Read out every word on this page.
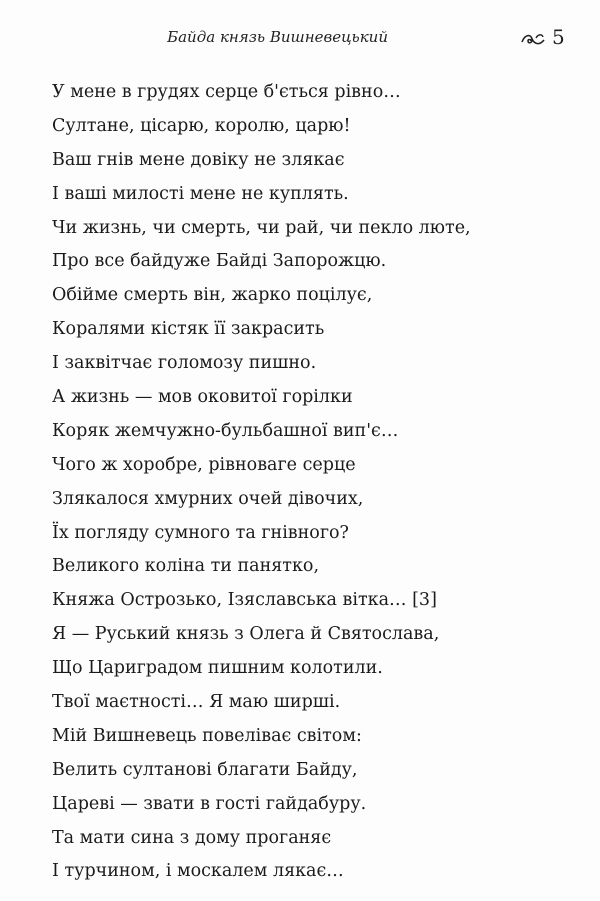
Байда князь Вишневецький	5
У мене в грудях серце б'ється рівно…
Султане, цісарю, королю, царю!
Ваш гнів мене довіку не злякає
І ваші милості мене не куплять.
Чи жизнь, чи смерть, чи рай, чи пекло люте,
Про все байдуже Байді Запорожцю.
Обійме смерть він, жарко поцілує,
Коралями кістяк її закрасить
І заквітчає голомозу пишно.
А жизнь — мов оковитої горілки
Коряк жемчужно-бульбашної вип'є…
Чого ж хоробре, рівноваге серце
Злякалося хмурних очей дівочих,
Їх погляду сумного та гнівного?
Великого коліна ти панятко,
Княжа Острозько, Ізяславська вітка… [3]
Я — Руський князь з Олега й Святослава,
Що Цариградом пишним колотили.
Твої маєтності… Я маю ширші.
Мій Вишневець повеліває світом:
Велить султанові благати Байду,
Цареві — звати в гості гайдабуру.
Та мати сина з дому проганяє
І турчином, і москалем лякає…
